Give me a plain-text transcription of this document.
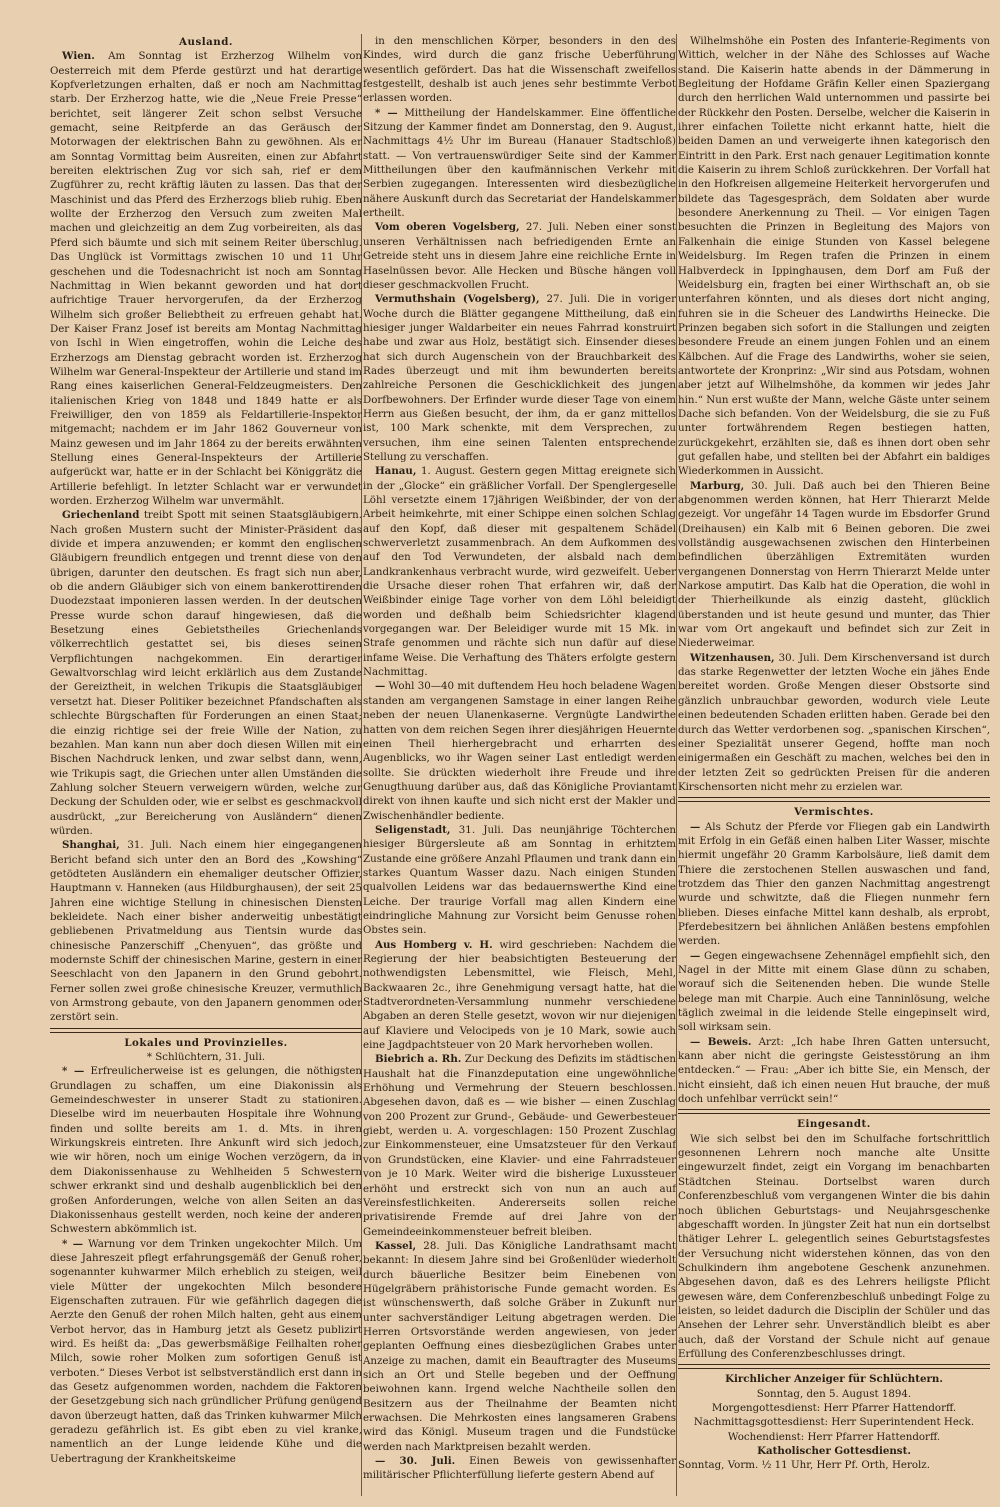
Ausland.

Wien. Am Sonntag ist Erzherzog Wilhelm von Oesterreich mit dem Pferde gestürzt und hat derartige Kopfverletzungen erhalten, daß er noch am Nachmittag starb. Der Erzherzog hatte, wie die „Neue Freie Presse“ berichtet, seit längerer Zeit schon selbst Versuche gemacht, seine Reitpferde an das Geräusch der Motorwagen der elektrischen Bahn zu gewöhnen. Als er am Sonntag Vormittag beim Ausreiten, einen zur Abfahrt bereiten elektrischen Zug vor sich sah, rief er dem Zugführer zu, recht kräftig läuten zu lassen. Das that der Maschinist und das Pferd des Erzherzogs blieb ruhig. Eben wollte der Erzherzog den Versuch zum zweiten Mal machen und gleichzeitig an dem Zug vorbeireiten, als das Pferd sich bäumte und sich mit seinem Reiter überschlug. Das Unglück ist Vormittags zwischen 10 und 11 Uhr geschehen und die Todesnachricht ist noch am Sonntag Nachmittag in Wien bekannt geworden und hat dort aufrichtige Trauer hervorgerufen, da der Erzherzog Wilhelm sich großer Beliebtheit zu erfreuen gehabt hat. Der Kaiser Franz Josef ist bereits am Montag Nachmittag von Ischl in Wien eingetroffen, wohin die Leiche des Erzherzogs am Dienstag gebracht worden ist. Erzherzog Wilhelm war General-Inspekteur der Artillerie und stand im Rang eines kaiserlichen General-Feldzeugmeisters. Den italienischen Krieg von 1848 und 1849 hatte er als Freiwilliger, den von 1859 als Feldartillerie-Inspektor mitgemacht; nachdem er im Jahr 1862 Gouverneur von Mainz gewesen und im Jahr 1864 zu der bereits erwähnten Stellung eines General-Inspekteurs der Artillerie aufgerückt war, hatte er in der Schlacht bei Königgrätz die Artillerie befehligt. In letzter Schlacht war er verwundet worden. Erzherzog Wilhelm war unvermählt.

Griechenland treibt Spott mit seinen Staatsgläubigern. Nach großen Mustern sucht der Minister-Präsident das divide et impera anzuwenden; er kommt den englischen Gläubigern freundlich entgegen und trennt diese von den übrigen, darunter den deutschen. Es fragt sich nun aber, ob die andern Gläubiger sich von einem bankerottirenden Duodezstaat imponieren lassen werden. In der deutschen Presse wurde schon darauf hingewiesen, daß die Besetzung eines Gebietstheiles Griechenlands völkerrechtlich gestattet sei, bis dieses seinen Verpflichtungen nachgekommen. Ein derartiger Gewaltvorschlag wird leicht erklärlich aus dem Zustande der Gereiztheit, in welchen Trikupis die Staatsgläubiger versetzt hat. Dieser Politiker bezeichnet Pfandschaften als schlechte Bürgschaften für Forderungen an einen Staat; die einzig richtige sei der freie Wille der Nation, zu bezahlen. Man kann nun aber doch diesen Willen mit ein Bischen Nachdruck lenken, und zwar selbst dann, wenn, wie Trikupis sagt, die Griechen unter allen Umständen die Zahlung solcher Steuern verweigern würden, welche zur Deckung der Schulden oder, wie er selbst es geschmackvoll ausdrückt, „zur Bereicherung von Ausländern“ dienen würden.

Shanghai, 31. Juli. Nach einem hier eingegangenen Bericht befand sich unter den an Bord des „Kowshing“ getödteten Ausländern ein ehemaliger deutscher Offizier, Hauptmann v. Hanneken (aus Hildburghausen), der seit 25 Jahren eine wichtige Stellung in chinesischen Diensten bekleidete. Nach einer bisher anderweitig unbestätigt gebliebenen Privatmeldung aus Tientsin wurde das chinesische Panzerschiff „Chenyuen“, das größte und modernste Schiff der chinesischen Marine, gestern in einer Seeschlacht von den Japanern in den Grund gebohrt. Ferner sollen zwei große chinesische Kreuzer, vermuthlich von Armstrong gebaute, von den Japanern genommen oder zerstört sein.

Lokales und Provinzielles.
* Schlüchtern, 31. Juli.

* — Erfreulicherweise ist es gelungen, die nöthigsten Grundlagen zu schaffen, um eine Diakonissin als Gemeindeschwester in unserer Stadt zu stationiren. Dieselbe wird im neuerbauten Hospitale ihre Wohnung finden und sollte bereits am 1. d. Mts. in ihren Wirkungskreis eintreten. Ihre Ankunft wird sich jedoch, wie wir hören, noch um einige Wochen verzögern, da in dem Diakonissenhause zu Wehlheiden 5 Schwestern schwer erkrankt sind und deshalb augenblicklich bei den großen Anforderungen, welche von allen Seiten an das Diakonissenhaus gestellt werden, noch keine der anderen Schwestern abkömmlich ist.

* — Warnung vor dem Trinken ungekochter Milch. Um diese Jahreszeit pflegt erfahrungsgemäß der Genuß roher, sogenannter kuhwarmer Milch erheblich zu steigen, weil viele Mütter der ungekochten Milch besondere Eigenschaften zutrauen. Für wie gefährlich dagegen die Aerzte den Genuß der rohen Milch halten, geht aus einem Verbot hervor, das in Hamburg jetzt als Gesetz publizirt wird. Es heißt da: „Das gewerbsmäßige Feilhalten roher Milch, sowie roher Molken zum sofortigen Genuß ist verboten.“ Dieses Verbot ist selbstverständlich erst dann in das Gesetz aufgenommen worden, nachdem die Faktoren der Gesetzgebung sich nach gründlicher Prüfung genügend davon überzeugt hatten, daß das Trinken kuhwarmer Milch geradezu gefährlich ist. Es gibt eben zu viel kranke, namentlich an der Lunge leidende Kühe und die Uebertragung der Krankheitskeime

in den menschlichen Körper, besonders in den des Kindes, wird durch die ganz frische Ueberführung wesentlich gefördert. Das hat die Wissenschaft zweifellos festgestellt, deshalb ist auch jenes sehr bestimmte Verbot erlassen worden.

* — Mittheilung der Handelskammer. Eine öffentliche Sitzung der Kammer findet am Donnerstag, den 9. August, Nachmittags 4½ Uhr im Bureau (Hanauer Stadtschloß) statt. — Von vertrauenswürdiger Seite sind der Kammer Mittheilungen über den kaufmännischen Verkehr mit Serbien zugegangen. Interessenten wird diesbezügliche nähere Auskunft durch das Secretariat der Handelskammer ertheilt.

Vom oberen Vogelsberg, 27. Juli. Neben einer sonst unseren Verhältnissen nach befriedigenden Ernte an Getreide steht uns in diesem Jahre eine reichliche Ernte in Haselnüssen bevor. Alle Hecken und Büsche hängen voll dieser geschmackvollen Frucht.

Vermuthshain (Vogelsberg), 27. Juli. Die in voriger Woche durch die Blätter gegangene Mittheilung, daß ein hiesiger junger Waldarbeiter ein neues Fahrrad konstruirt habe und zwar aus Holz, bestätigt sich. Einsender dieses hat sich durch Augenschein von der Brauchbarkeit des Rades überzeugt und mit ihm bewunderten bereits zahlreiche Personen die Geschicklichkeit des jungen Dorfbewohners. Der Erfinder wurde dieser Tage von einem Herrn aus Gießen besucht, der ihm, da er ganz mittellos ist, 100 Mark schenkte, mit dem Versprechen, zu versuchen, ihm eine seinen Talenten entsprechende Stellung zu verschaffen.

Hanau, 1. August. Gestern gegen Mittag ereignete sich in der „Glocke“ ein gräßlicher Vorfall. Der Spenglergeselle Löhl versetzte einem 17jährigen Weißbinder, der von der Arbeit heimkehrte, mit einer Schippe einen solchen Schlag auf den Kopf, daß dieser mit gespaltenem Schädel schwerverletzt zusammenbrach. An dem Aufkommen des auf den Tod Verwundeten, der alsbald nach dem Landkrankenhaus verbracht wurde, wird gezweifelt. Ueber die Ursache dieser rohen That erfahren wir, daß der Weißbinder einige Tage vorher von dem Löhl beleidigt worden und deßhalb beim Schiedsrichter klagend vorgegangen war. Der Beleidiger wurde mit 15 Mk. in Strafe genommen und rächte sich nun dafür auf diese infame Weise. Die Verhaftung des Thäters erfolgte gestern Nachmittag.

— Wohl 30—40 mit duftendem Heu hoch beladene Wagen standen am vergangenen Samstage in einer langen Reihe neben der neuen Ulanenkaserne. Vergnügte Landwirthe hatten von dem reichen Segen ihrer diesjährigen Heuernte einen Theil hierhergebracht und erharrten des Augenblicks, wo ihr Wagen seiner Last entledigt werden sollte. Sie drückten wiederholt ihre Freude und ihre Genugthuung darüber aus, daß das Königliche Proviantamt direkt von ihnen kaufte und sich nicht erst der Makler und Zwischenhändler bediente.

Seligenstadt, 31. Juli. Das neunjährige Töchterchen hiesiger Bürgersleute aß am Sonntag in erhitztem Zustande eine größere Anzahl Pflaumen und trank dann ein starkes Quantum Wasser dazu. Nach einigen Stunden qualvollen Leidens war das bedauernswerthe Kind eine Leiche. Der traurige Vorfall mag allen Kindern eine eindringliche Mahnung zur Vorsicht beim Genusse rohen Obstes sein.

Aus Homberg v. H. wird geschrieben: Nachdem die Regierung der hier beabsichtigten Besteuerung der nothwendigsten Lebensmittel, wie Fleisch, Mehl, Backwaaren 2c., ihre Genehmigung versagt hatte, hat die Stadtverordneten-Versammlung nunmehr verschiedene Abgaben an deren Stelle gesetzt, wovon wir nur diejenigen auf Klaviere und Velocipeds von je 10 Mark, sowie auch eine Jagdpachtsteuer von 20 Mark hervorheben wollen.

Biebrich a. Rh. Zur Deckung des Defizits im städtischen Haushalt hat die Finanzdeputation eine ungewöhnliche Erhöhung und Vermehrung der Steuern beschlossen. Abgesehen davon, daß es — wie bisher — einen Zuschlag von 200 Prozent zur Grund-, Gebäude- und Gewerbesteuer giebt, werden u. A. vorgeschlagen: 150 Prozent Zuschlag zur Einkommensteuer, eine Umsatzsteuer für den Verkauf von Grundstücken, eine Klavier- und eine Fahrradsteuer von je 10 Mark. Weiter wird die bisherige Luxussteuer erhöht und erstreckt sich von nun an auch auf Vereinsfestlichkeiten. Andererseits sollen reiche privatisirende Fremde auf drei Jahre von der Gemeindeeinkommensteuer befreit bleiben.

Kassel, 28. Juli. Das Königliche Landrathsamt macht bekannt: In diesem Jahre sind bei Großenlüder wiederholt durch bäuerliche Besitzer beim Einebenen von Hügelgräbern prähistorische Funde gemacht worden. Es ist wünschenswerth, daß solche Gräber in Zukunft nur unter sachverständiger Leitung abgetragen werden. Die Herren Ortsvorstände werden angewiesen, von jeder geplanten Oeffnung eines diesbezüglichen Grabes unter Anzeige zu machen, damit ein Beauftragter des Museums sich an Ort und Stelle begeben und der Oeffnung beiwohnen kann. Irgend welche Nachtheile sollen den Besitzern aus der Theilnahme der Beamten nicht erwachsen. Die Mehrkosten eines langsameren Grabens wird das Königl. Museum tragen und die Fundstücke werden nach Marktpreisen bezahlt werden.

— 30. Juli. Einen Beweis von gewissenhafter militärischer Pflichterfüllung lieferte gestern Abend auf

Wilhelmshöhe ein Posten des Infanterie-Regiments von Wittich, welcher in der Nähe des Schlosses auf Wache stand. Die Kaiserin hatte abends in der Dämmerung in Begleitung der Hofdame Gräfin Keller einen Spaziergang durch den herrlichen Wald unternommen und passirte bei der Rückkehr den Posten. Derselbe, welcher die Kaiserin in ihrer einfachen Toilette nicht erkannt hatte, hielt die beiden Damen an und verweigerte ihnen kategorisch den Eintritt in den Park. Erst nach genauer Legitimation konnte die Kaiserin zu ihrem Schloß zurückkehren. Der Vorfall hat in den Hofkreisen allgemeine Heiterkeit hervorgerufen und bildete das Tagesgespräch, dem Soldaten aber wurde besondere Anerkennung zu Theil. — Vor einigen Tagen besuchten die Prinzen in Begleitung des Majors von Falkenhain die einige Stunden von Kassel belegene Weidelsburg. Im Regen trafen die Prinzen in einem Halbverdeck in Ippinghausen, dem Dorf am Fuß der Weidelsburg ein, fragten bei einer Wirthschaft an, ob sie unterfahren könnten, und als dieses dort nicht anging, fuhren sie in die Scheuer des Landwirths Heinecke. Die Prinzen begaben sich sofort in die Stallungen und zeigten besondere Freude an einem jungen Fohlen und an einem Kälbchen. Auf die Frage des Landwirths, woher sie seien, antwortete der Kronprinz: „Wir sind aus Potsdam, wohnen aber jetzt auf Wilhelmshöhe, da kommen wir jedes Jahr hin.“ Nun erst wußte der Mann, welche Gäste unter seinem Dache sich befanden. Von der Weidelsburg, die sie zu Fuß unter fortwährendem Regen bestiegen hatten, zurückgekehrt, erzählten sie, daß es ihnen dort oben sehr gut gefallen habe, und stellten bei der Abfahrt ein baldiges Wiederkommen in Aussicht.

Marburg, 30. Juli. Daß auch bei den Thieren Beine abgenommen werden können, hat Herr Thierarzt Melde gezeigt. Vor ungefähr 14 Tagen wurde im Ebsdorfer Grund (Dreihausen) ein Kalb mit 6 Beinen geboren. Die zwei vollständig ausgewachsenen zwischen den Hinterbeinen befindlichen überzähligen Extremitäten wurden vergangenen Donnerstag von Herrn Thierarzt Melde unter Narkose amputirt. Das Kalb hat die Operation, die wohl in der Thierheilkunde als einzig dasteht, glücklich überstanden und ist heute gesund und munter, das Thier war vom Ort angekauft und befindet sich zur Zeit in Niederweimar.

Witzenhausen, 30. Juli. Dem Kirschenversand ist durch das starke Regenwetter der letzten Woche ein jähes Ende bereitet worden. Große Mengen dieser Obstsorte sind gänzlich unbrauchbar geworden, wodurch viele Leute einen bedeutenden Schaden erlitten haben. Gerade bei den durch das Wetter verdorbenen sog. „spanischen Kirschen“, einer Spezialität unserer Gegend, hoffte man noch einigermaßen ein Geschäft zu machen, welches bei den in der letzten Zeit so gedrückten Preisen für die anderen Kirschensorten nicht mehr zu erzielen war.

Vermischtes.

— Als Schutz der Pferde vor Fliegen gab ein Landwirth mit Erfolg in ein Gefäß einen halben Liter Wasser, mischte hiermit ungefähr 20 Gramm Karbolsäure, ließ damit dem Thiere die zerstochenen Stellen auswaschen und fand, trotzdem das Thier den ganzen Nachmittag angestrengt wurde und schwitzte, daß die Fliegen nunmehr fern blieben. Dieses einfache Mittel kann deshalb, als erprobt, Pferdebesitzern bei ähnlichen Anläßen bestens empfohlen werden.

— Gegen eingewachsene Zehennägel empfiehlt sich, den Nagel in der Mitte mit einem Glase dünn zu schaben, worauf sich die Seitenenden heben. Die wunde Stelle belege man mit Charpie. Auch eine Tanninlösung, welche täglich zweimal in die leidende Stelle eingepinselt wird, soll wirksam sein.

— Beweis. Arzt: „Ich habe Ihren Gatten untersucht, kann aber nicht die geringste Geistesstörung an ihm entdecken.“ — Frau: „Aber ich bitte Sie, ein Mensch, der nicht einsieht, daß ich einen neuen Hut brauche, der muß doch unfehlbar verrückt sein!“

Eingesandt.

Wie sich selbst bei den im Schulfache fortschrittlich gesonnenen Lehrern noch manche alte Unsitte eingewurzelt findet, zeigt ein Vorgang im benachbarten Städtchen Steinau. Dortselbst waren durch Conferenzbeschluß vom vergangenen Winter die bis dahin noch üblichen Geburtstags- und Neujahrsgeschenke abgeschafft worden. In jüngster Zeit hat nun ein dortselbst thätiger Lehrer L. gelegentlich seines Geburtstagsfestes der Versuchung nicht widerstehen können, das von den Schulkindern ihm angebotene Geschenk anzunehmen. Abgesehen davon, daß es des Lehrers heiligste Pflicht gewesen wäre, dem Conferenzbeschluß unbedingt Folge zu leisten, so leidet dadurch die Disciplin der Schüler und das Ansehen der Lehrer sehr. Unverständlich bleibt es aber auch, daß der Vorstand der Schule nicht auf genaue Erfüllung des Conferenzbeschlusses dringt.

Kirchlicher Anzeiger für Schlüchtern.
Sonntag, den 5. August 1894.
Morgengottesdienst: Herr Pfarrer Hattendorff.
Nachmittagsgottesdienst: Herr Superintendent Heck.
Wochendienst: Herr Pfarrer Hattendorff.
Katholischer Gottesdienst.
Sonntag, Vorm. ½ 11 Uhr, Herr Pf. Orth, Herolz.
